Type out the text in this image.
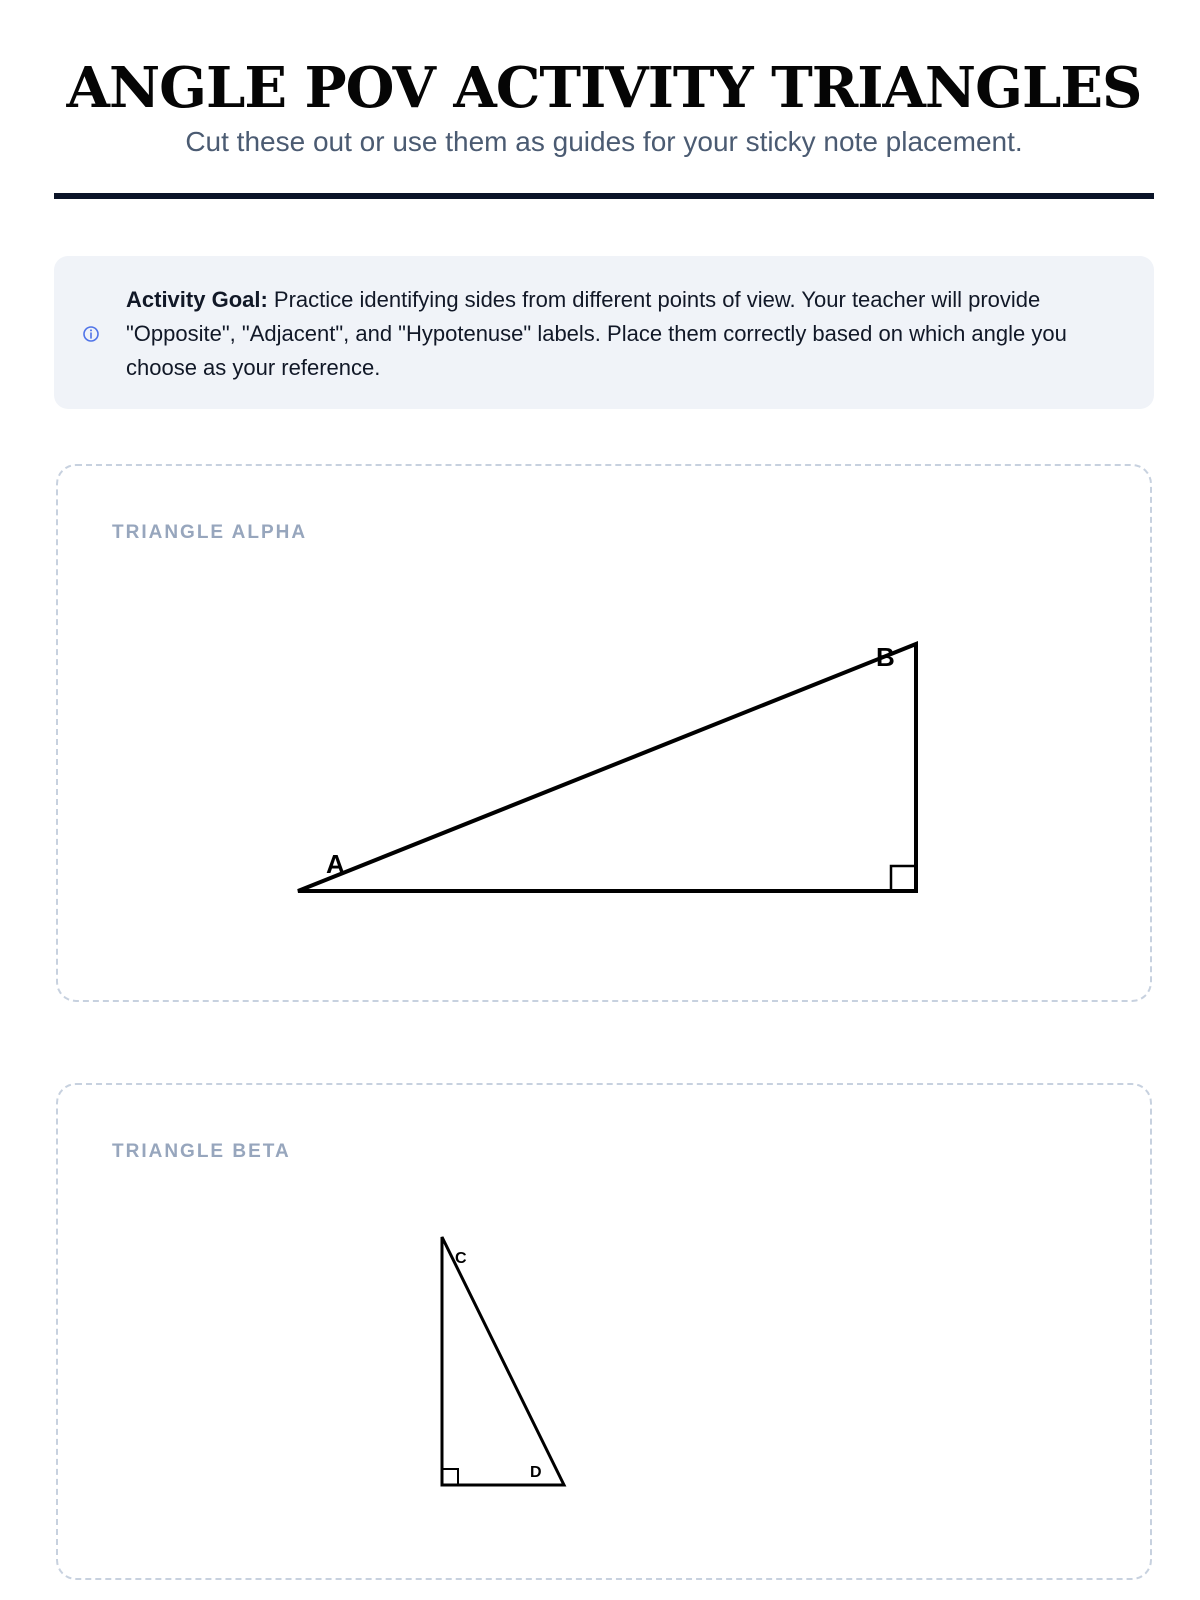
ANGLE POV ACTIVITY TRIANGLES
Cut these out or use them as guides for your sticky note placement.
Activity Goal: Practice identifying sides from different points of view. Your teacher will provide "Opposite", "Adjacent", and "Hypotenuse" labels. Place them correctly based on which angle you choose as your reference.
TRIANGLE ALPHA
A
B
TRIANGLE BETA
C
D
